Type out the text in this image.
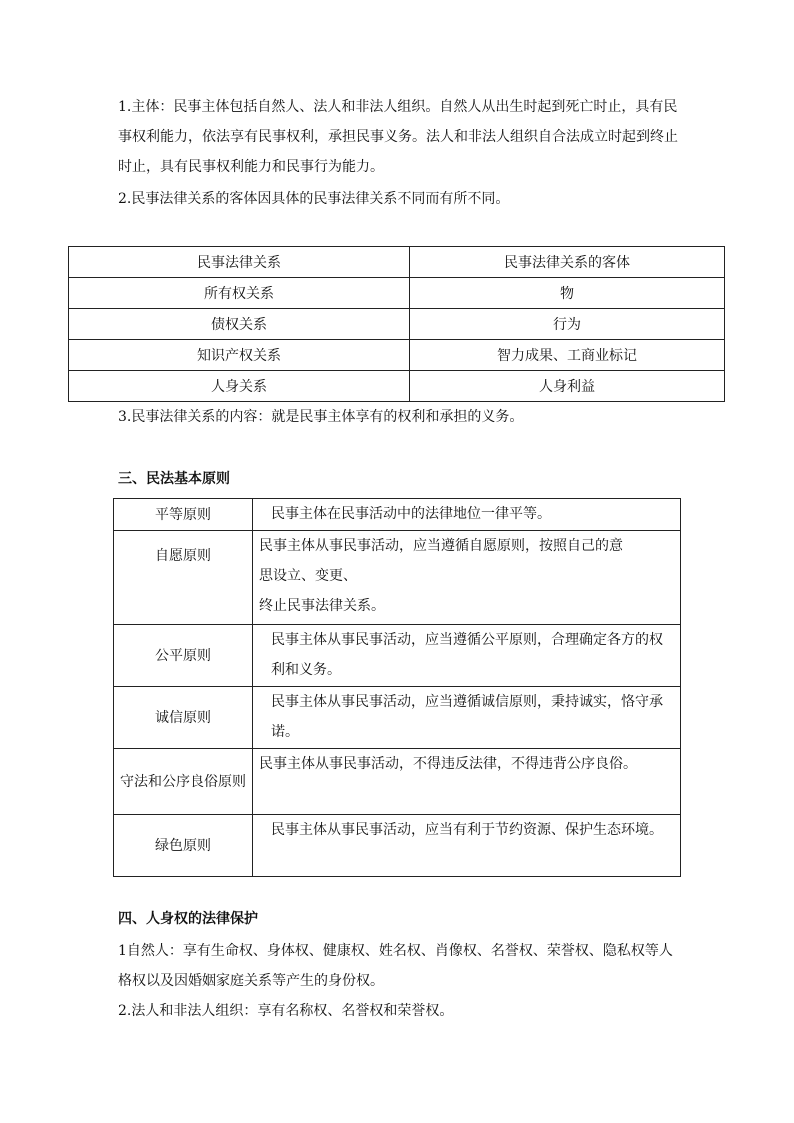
1.主体：民事主体包括自然人、法人和非法人组织。自然人从出生时起到死亡时止，具有民事权利能力，依法享有民事权利，承担民事义务。法人和非法人组织自合法成立时起到终止时止，具有民事权利能力和民事行为能力。

2.民事法律关系的客体因具体的民事法律关系不同而有所不同。

民事法律关系	民事法律关系的客体
所有权关系	物
债权关系	行为
知识产权关系	智力成果、工商业标记
人身关系	人身利益

3.民事法律关系的内容：就是民事主体享有的权利和承担的义务。

三、民法基本原则

平等原则	民事主体在民事活动中的法律地位一律平等。
自愿原则	民事主体从事民事活动，应当遵循自愿原则，按照自己的意
思设立、变更、
终止民事法律关系。

公平原则	民事主体从事民事活动，应当遵循公平原则，合理确定各方的权利和义务。
诚信原则	民事主体从事民事活动，应当遵循诚信原则，秉持诚实，恪守承诺。
守法和公序良俗原则	民事主体从事民事活动，不得违反法律，不得违背公序良俗。
绿色原则	民事主体从事民事活动，应当有利于节约资源、保护生态环境。

四、人身权的法律保护

1自然人：享有生命权、身体权、健康权、姓名权、肖像权、名誉权、荣誉权、隐私权等人格权以及因婚姻家庭关系等产生的身份权。

2.法人和非法人组织：享有名称权、名誉权和荣誉权。
